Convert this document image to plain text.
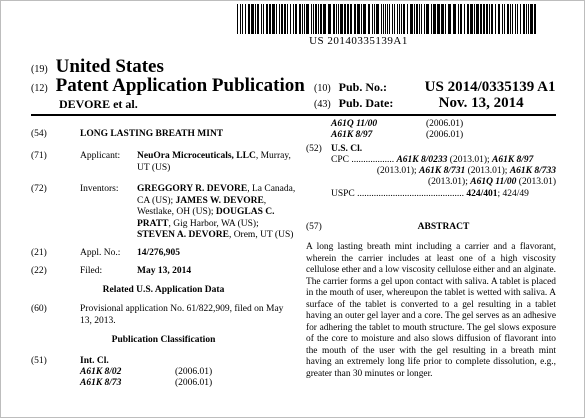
US 20140335139A1
(19) United States
(12) Patent Application Publication
DEVORE et al.
(10) Pub. No.:	US 2014/0335139 A1
(43) Pub. Date:	Nov. 13, 2014
(54)	LONG LASTING BREATH MINT
(71)	Applicant: NeuOra Microceuticals, LLC, Murray,
UT (US)
(72)	Inventors: GREGGORY R. DEVORE, La Canada,
CA (US); JAMES W. DEVORE,
Westlake, OH (US); DOUGLAS C.
PRATT, Gig Harbor, WA (US);
STEVEN A. DEVORE, Orem, UT (US)
(21)	Appl. No.: 14/276,905
(22)	Filed:	May 13, 2014
Related U.S. Application Data
(60)	Provisional application No. 61/822,909, filed on May
13, 2013.
Publication Classification
(51)	Int. Cl.
A61K 8/02	(2006.01)
A61K 8/73	(2006.01)
A61Q 11/00	(2006.01)
A61K 8/97	(2006.01)
(52) U.S. Cl.
CPC .................. A61K 8/0233 (2013.01); A61K 8/97
(2013.01); A61K 8/731 (2013.01); A61K 8/733
(2013.01); A61Q 11/00 (2013.01)
USPC ............................................. 424/401; 424/49
(57)	ABSTRACT
A long lasting breath mint including a carrier and a flavorant, wherein the carrier includes at least one of a high viscosity cellulose ether and a low viscosity cellulose either and an alginate. The carrier forms a gel upon contact with saliva. A tablet is placed in the mouth of user, whereupon the tablet is wetted with saliva. A surface of the tablet is converted to a gel resulting in a tablet having an outer gel layer and a core. The gel serves as an adhesive for adhering the tablet to mouth structure. The gel slows exposure of the core to moisture and also slows diffusion of flavorant into the mouth of the user with the gel resulting in a breath mint having an extremely long life prior to complete dissolution, e.g., greater than 30 minutes or longer.
